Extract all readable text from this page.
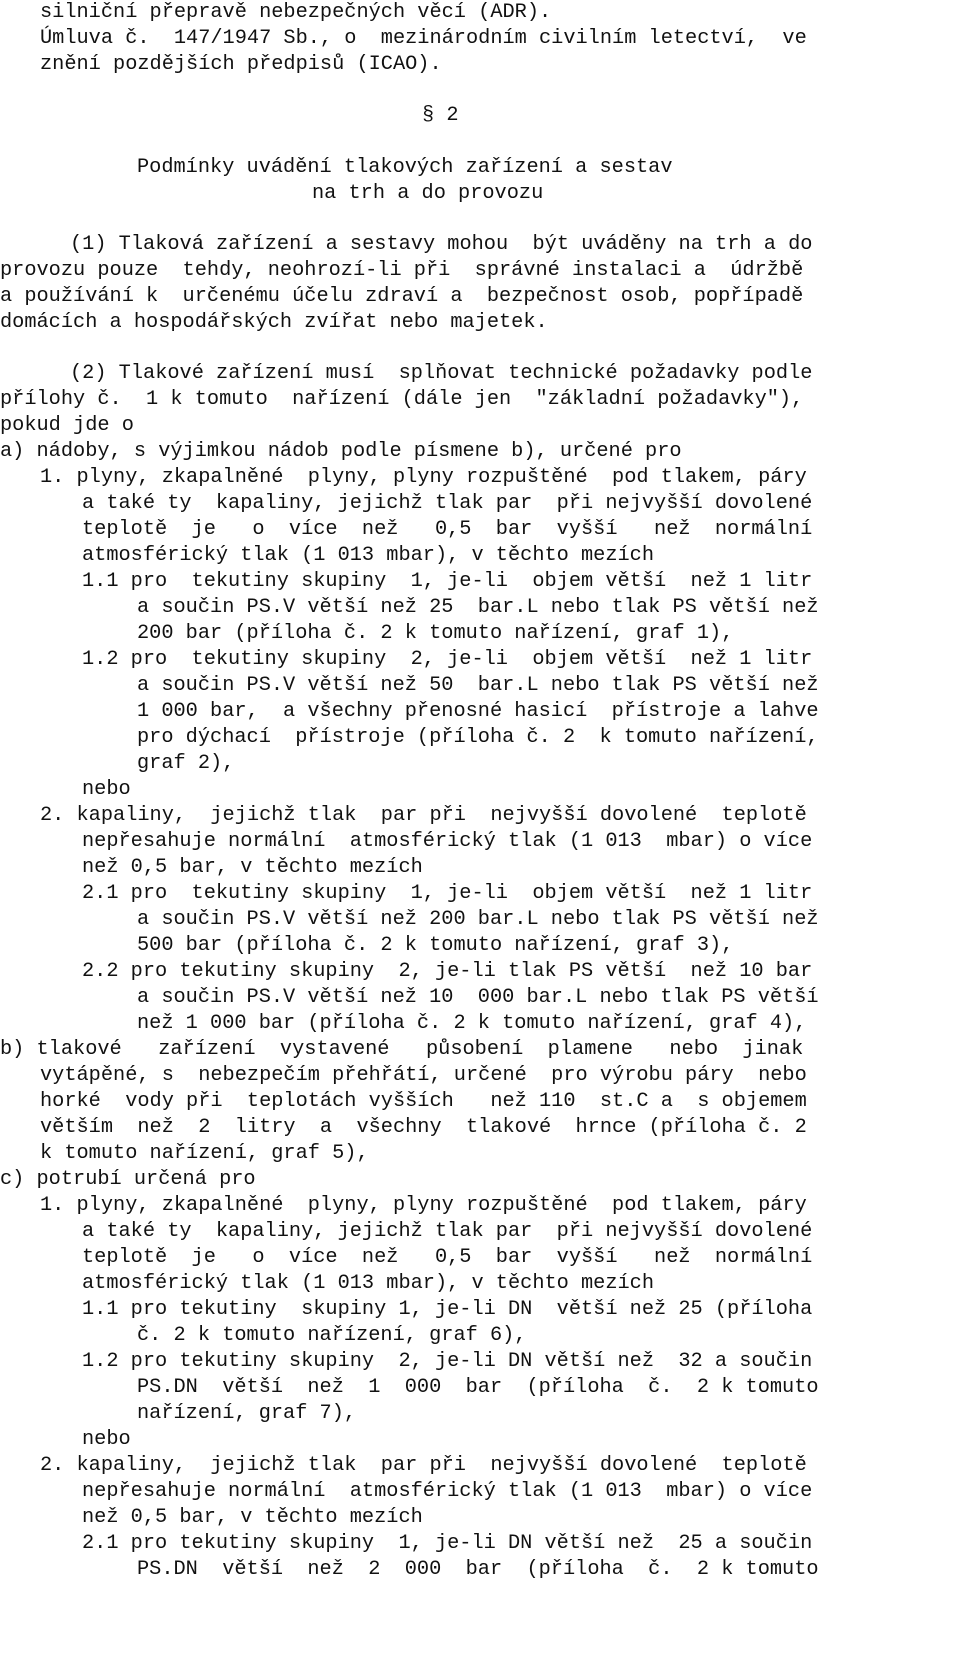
silniční přepravě nebezpečných věcí (ADR).
Úmluva č.  147/1947 Sb., o  mezinárodním civilním letectví,  ve
znění pozdějších předpisů (ICAO).
§ 2
Podmínky uvádění tlakových zařízení a sestav
na trh a do provozu
(1) Tlaková zařízení a sestavy mohou  být uváděny na trh a do
provozu pouze  tehdy, neohrozí-li při  správné instalaci a  údržbě
a používání k  určenému účelu zdraví a  bezpečnost osob, popřípadě
domácích a hospodářských zvířat nebo majetek.
(2) Tlakové zařízení musí  splňovat technické požadavky podle
přílohy č.  1 k tomuto  nařízení (dále jen  "základní požadavky"),
pokud jde o
a) nádoby, s výjimkou nádob podle písmene b), určené pro
1. plyny, zkapalněné  plyny, plyny rozpuštěné  pod tlakem, páry
a také ty  kapaliny, jejichž tlak par  při nejvyšší dovolené
teplotě  je   o  více  než   0,5  bar  vyšší   než  normální
atmosférický tlak (1 013 mbar), v těchto mezích
1.1 pro  tekutiny skupiny  1, je-li  objem větší  než 1 litr
a součin PS.V větší než 25  bar.L nebo tlak PS větší než
200 bar (příloha č. 2 k tomuto nařízení, graf 1),
1.2 pro  tekutiny skupiny  2, je-li  objem větší  než 1 litr
a součin PS.V větší než 50  bar.L nebo tlak PS větší než
1 000 bar,  a všechny přenosné hasicí  přístroje a lahve
pro dýchací  přístroje (příloha č. 2  k tomuto nařízení,
graf 2),
nebo
2. kapaliny,  jejichž tlak  par při  nejvyšší dovolené  teplotě
nepřesahuje normální  atmosférický tlak (1 013  mbar) o více
než 0,5 bar, v těchto mezích
2.1 pro  tekutiny skupiny  1, je-li  objem větší  než 1 litr
a součin PS.V větší než 200 bar.L nebo tlak PS větší než
500 bar (příloha č. 2 k tomuto nařízení, graf 3),
2.2 pro tekutiny skupiny  2, je-li tlak PS větší  než 10 bar
a součin PS.V větší než 10  000 bar.L nebo tlak PS větší
než 1 000 bar (příloha č. 2 k tomuto nařízení, graf 4),
b) tlakové   zařízení  vystavené   působení  plamene   nebo  jinak
vytápěné, s  nebezpečím přehřátí, určené  pro výrobu páry  nebo
horké  vody při  teplotách vyšších   než 110  st.C a  s objemem
větším  než  2  litry  a  všechny  tlakové  hrnce (příloha č. 2
k tomuto nařízení, graf 5),
c) potrubí určená pro
1. plyny, zkapalněné  plyny, plyny rozpuštěné  pod tlakem, páry
a také ty  kapaliny, jejichž tlak par  při nejvyšší dovolené
teplotě  je   o  více  než   0,5  bar  vyšší   než  normální
atmosférický tlak (1 013 mbar), v těchto mezích
1.1 pro tekutiny  skupiny 1, je-li DN  větší než 25 (příloha
č. 2 k tomuto nařízení, graf 6),
1.2 pro tekutiny skupiny  2, je-li DN větší než  32 a součin
PS.DN  větší  než  1  000  bar  (příloha  č.  2 k tomuto
nařízení, graf 7),
nebo
2. kapaliny,  jejichž tlak  par při  nejvyšší dovolené  teplotě
nepřesahuje normální  atmosférický tlak (1 013  mbar) o více
než 0,5 bar, v těchto mezích
2.1 pro tekutiny skupiny  1, je-li DN větší než  25 a součin
PS.DN  větší  než  2  000  bar  (příloha  č.  2 k tomuto
